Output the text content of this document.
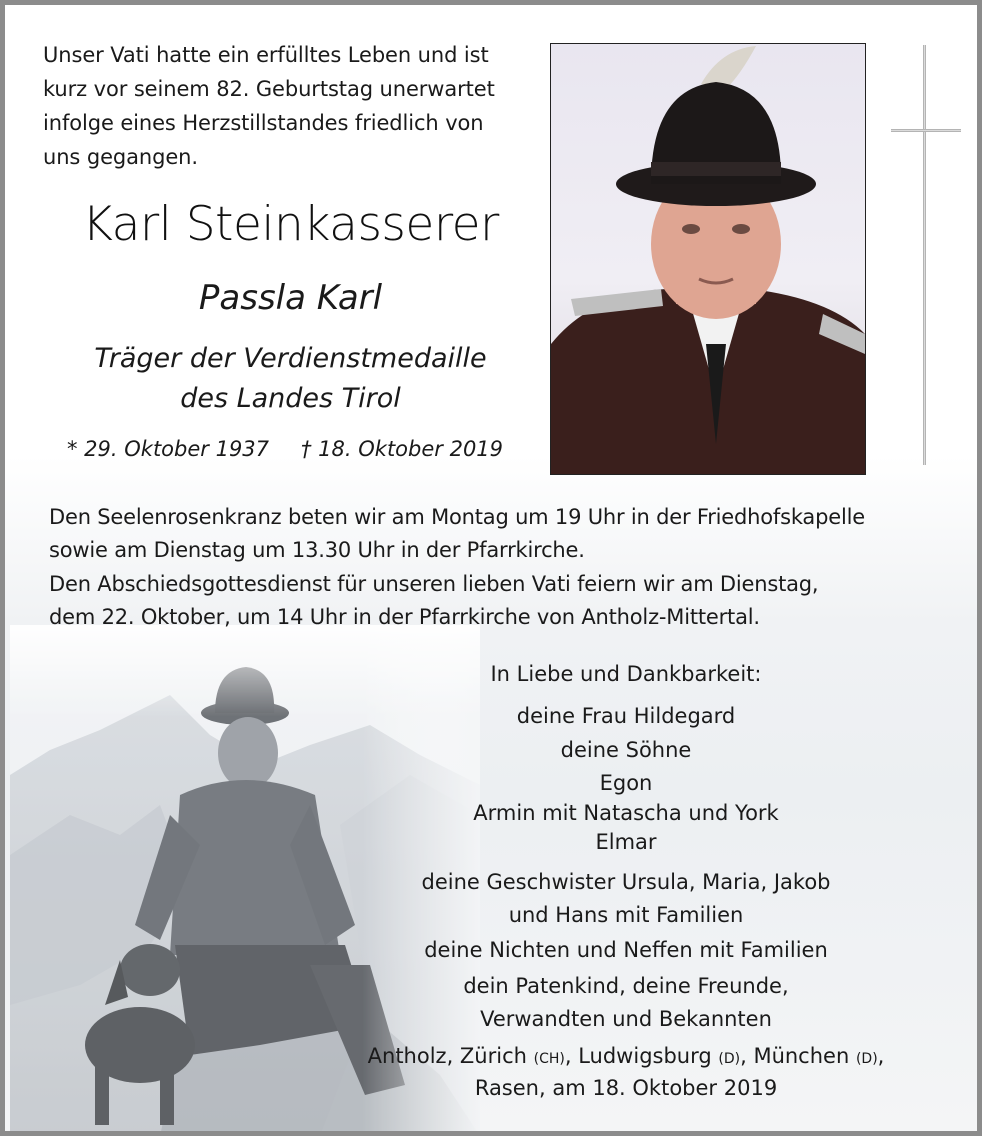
Unser Vati hatte ein erfülltes Leben und ist
kurz vor seinem 82. Geburtstag unerwartet
infolge eines Herzstillstandes friedlich von
uns gegangen.
Karl Steinkasserer
Passla Karl
Träger der Verdienstmedaille
des Landes Tirol
* 29. Oktober 1937 † 18. Oktober 2019
Den Seelenrosenkranz beten wir am Montag um 19 Uhr in der Friedhofskapelle
sowie am Dienstag um 13.30 Uhr in der Pfarrkirche.
Den Abschiedsgottesdienst für unseren lieben Vati feiern wir am Dienstag,
dem 22. Oktober, um 14 Uhr in der Pfarrkirche von Antholz-Mittertal.
In Liebe und Dankbarkeit:
deine Frau Hildegard
deine Söhne
Egon
Armin mit Natascha und York
Elmar
deine Geschwister Ursula, Maria, Jakob
und Hans mit Familien
deine Nichten und Neffen mit Familien
dein Patenkind, deine Freunde,
Verwandten und Bekannten
Antholz, Zürich (CH), Ludwigsburg (D), München (D),
Rasen, am 18. Oktober 2019
